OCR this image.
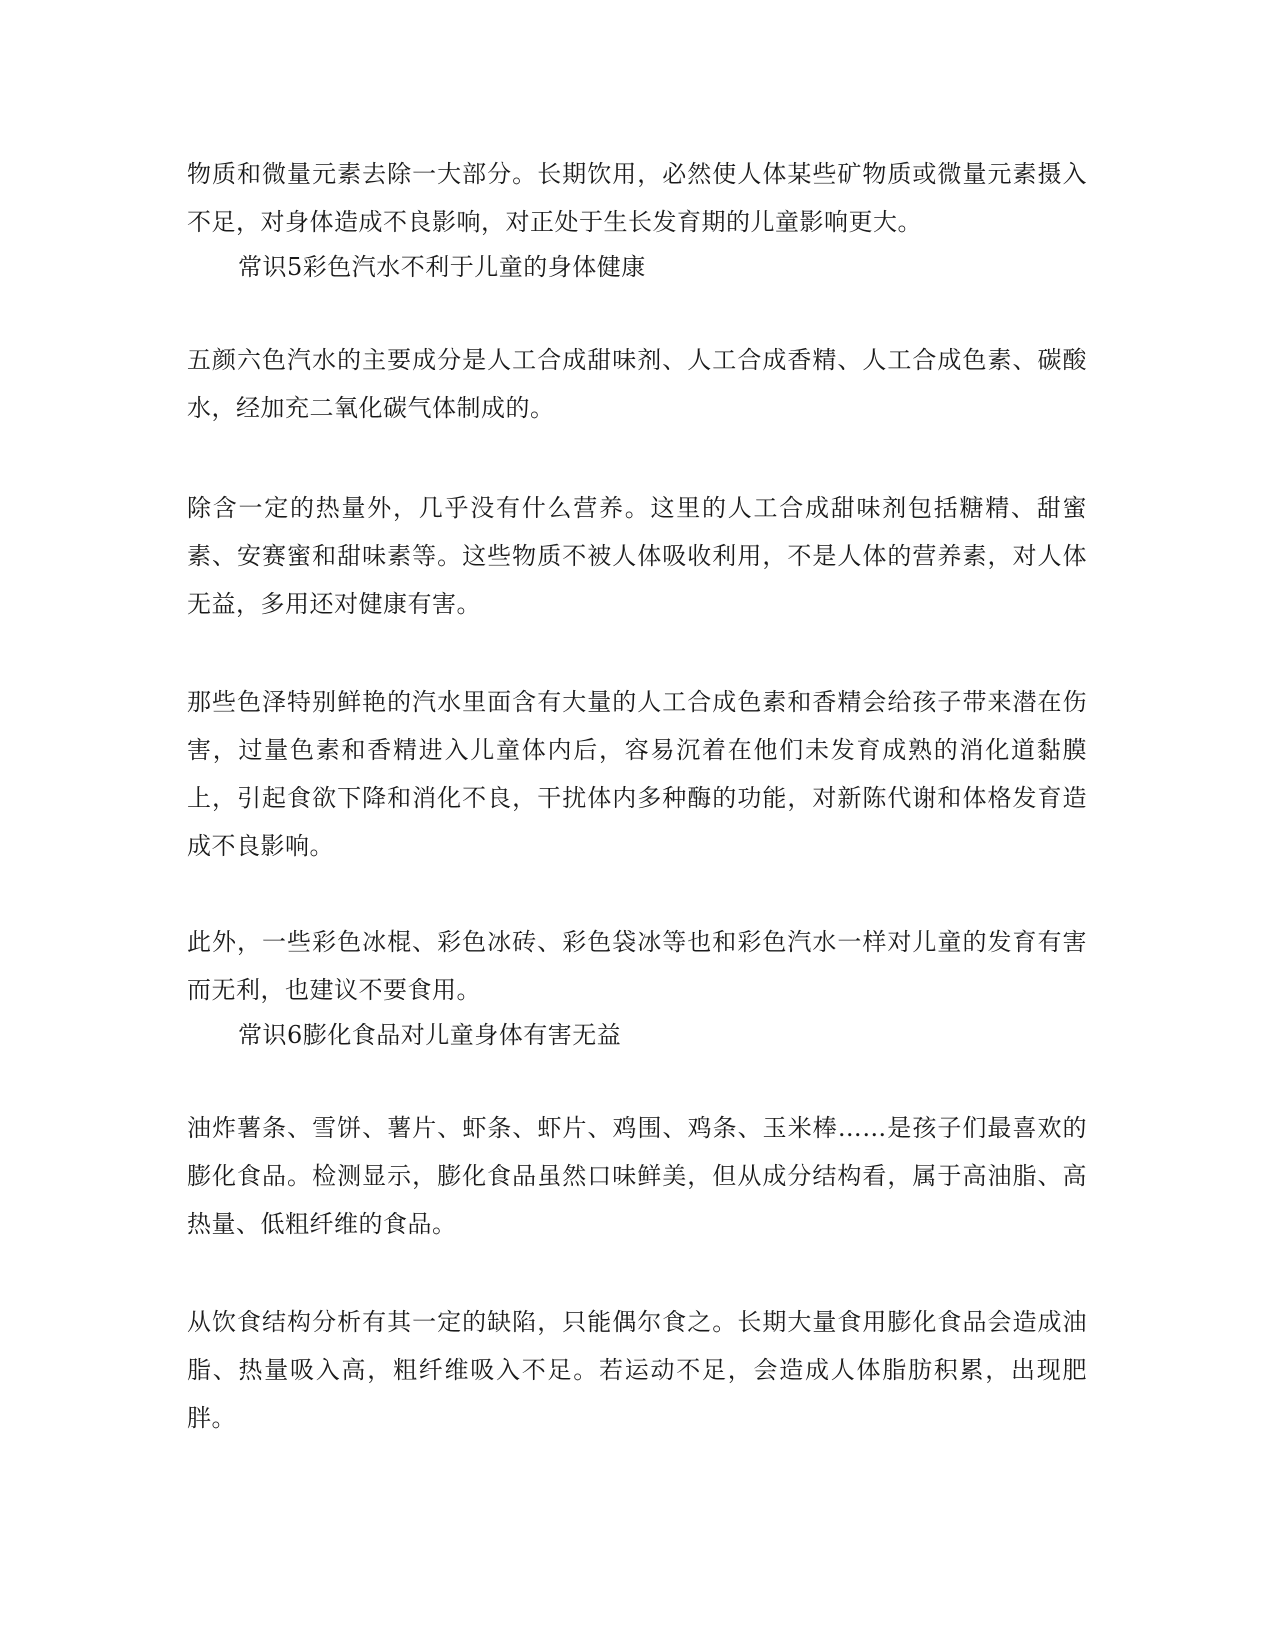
物质和微量元素去除一大部分。长期饮用，必然使人体某些矿物质或微量元素摄入不足，对身体造成不良影响，对正处于生长发育期的儿童影响更大。

常识5彩色汽水不利于儿童的身体健康

五颜六色汽水的主要成分是人工合成甜味剂、人工合成香精、人工合成色素、碳酸水，经加充二氧化碳气体制成的。

除含一定的热量外，几乎没有什么营养。这里的人工合成甜味剂包括糖精、甜蜜素、安赛蜜和甜味素等。这些物质不被人体吸收利用，不是人体的营养素，对人体无益，多用还对健康有害。

那些色泽特别鲜艳的汽水里面含有大量的人工合成色素和香精会给孩子带来潜在伤害，过量色素和香精进入儿童体内后，容易沉着在他们未发育成熟的消化道黏膜上，引起食欲下降和消化不良，干扰体内多种酶的功能，对新陈代谢和体格发育造成不良影响。

此外，一些彩色冰棍、彩色冰砖、彩色袋冰等也和彩色汽水一样对儿童的发育有害而无利，也建议不要食用。

常识6膨化食品对儿童身体有害无益

油炸薯条、雪饼、薯片、虾条、虾片、鸡围、鸡条、玉米棒……是孩子们最喜欢的膨化食品。检测显示，膨化食品虽然口味鲜美，但从成分结构看，属于高油脂、高热量、低粗纤维的食品。

从饮食结构分析有其一定的缺陷，只能偶尔食之。长期大量食用膨化食品会造成油脂、热量吸入高，粗纤维吸入不足。若运动不足，会造成人体脂肪积累，出现肥胖。
